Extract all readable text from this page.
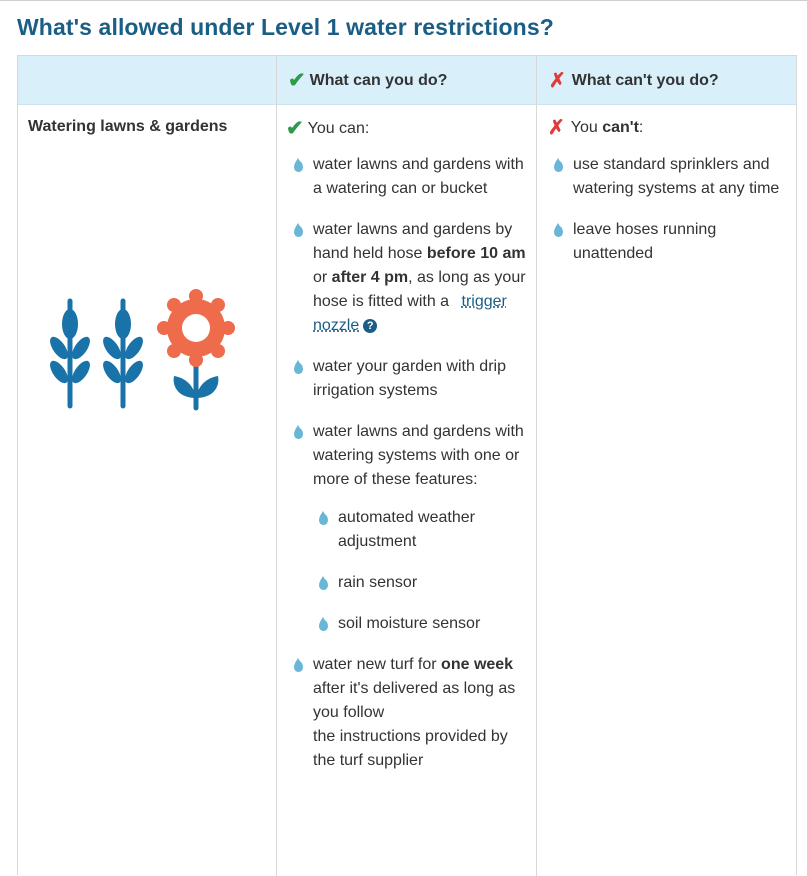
What's allowed under Level 1 water restrictions?
✔ What can you do?	✗ What can't you do?
Watering lawns & gardens	✔ You can:
water lawns and gardens with a watering can or bucket
water lawns and gardens by hand held hose before 10 am or after 4 pm, as long as your hose is fitted with a trigger nozzle ?
water your garden with drip irrigation systems
water lawns and gardens with watering systems with one or more of these features:
automated weather adjustment
rain sensor
soil moisture sensor
water new turf for one week after it's delivered as long as you follow
the instructions provided by the turf supplier
✗ You can't :
use standard sprinklers and watering systems at any time
leave hoses running unattended
